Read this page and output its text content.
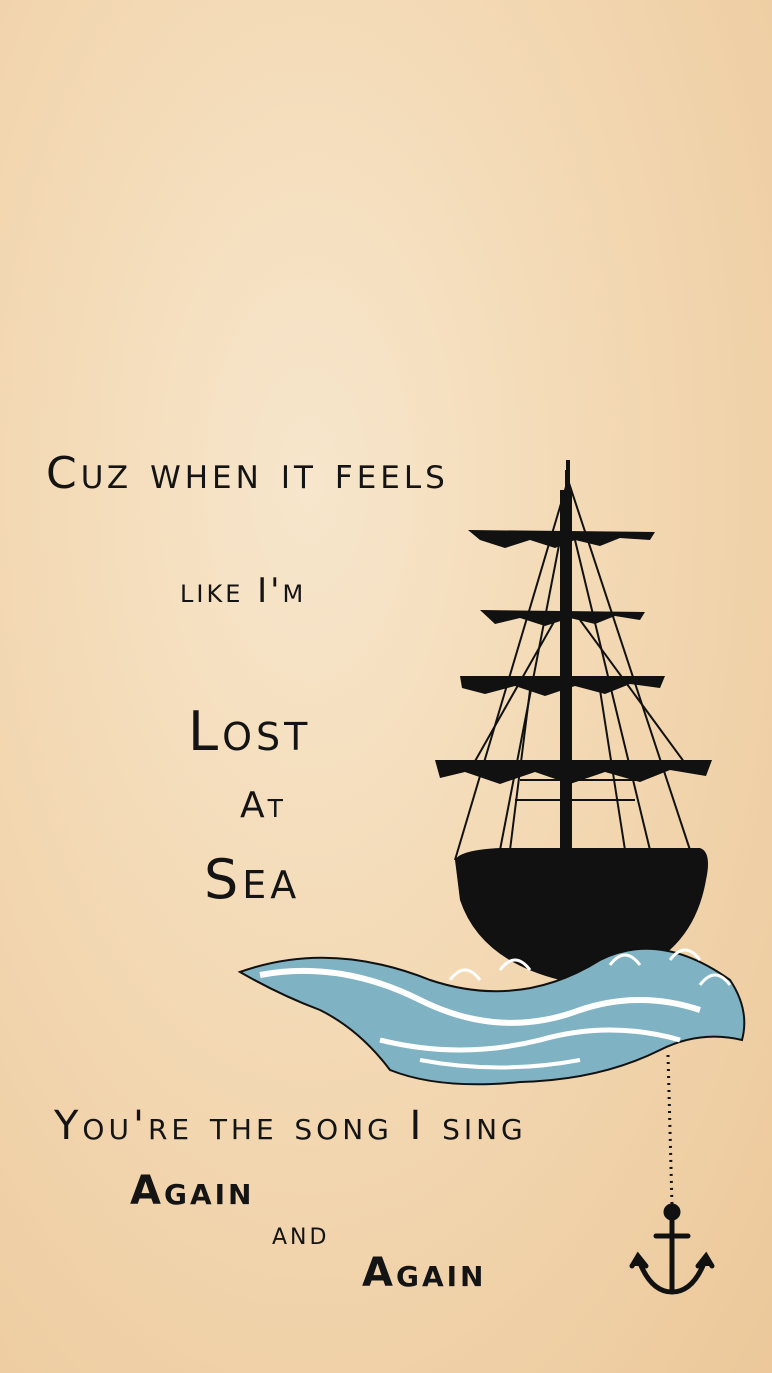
Cuz when it feels

like I'm

Lost

At

Sea

You're the song I sing

Again

and

Again
